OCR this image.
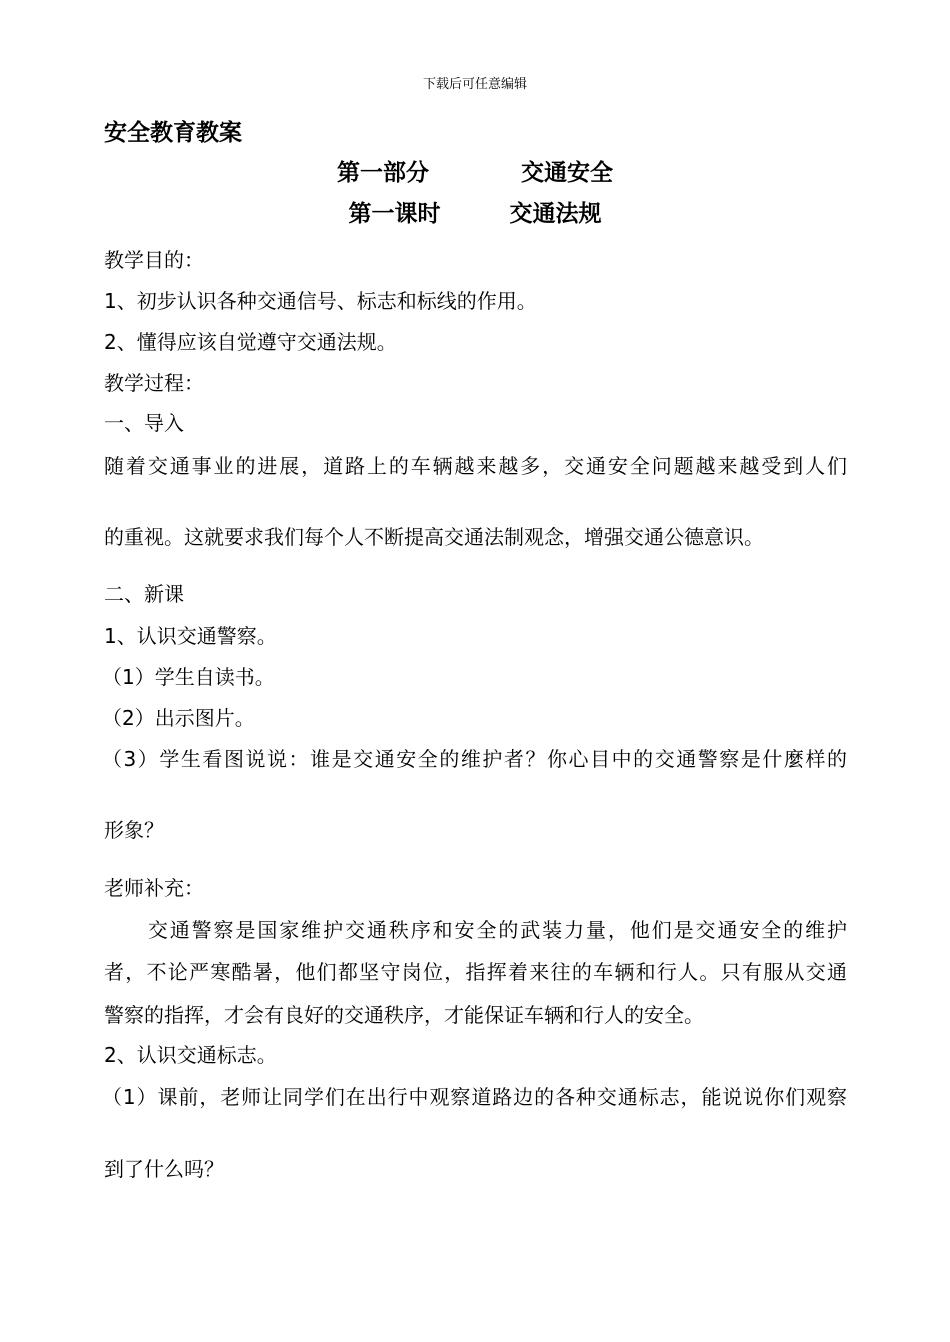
下载后可任意编辑
安全教育教案
第一部分　　　　交通安全
第一课时　　　交通法规
教学目的：
1、初步认识各种交通信号、标志和标线的作用。
2、懂得应该自觉遵守交通法规。
教学过程：
一、导入
随着交通事业的进展，道路上的车辆越来越多，交通安全问题越来越受到人们
的重视。这就要求我们每个人不断提高交通法制观念，增强交通公德意识。
二、新课
1、认识交通警察。
（1）学生自读书。
（2）出示图片。
（3）学生看图说说：谁是交通安全的维护者？你心目中的交通警察是什麼样的
形象？
老师补充：
　　交通警察是国家维护交通秩序和安全的武装力量，他们是交通安全的维护
者，不论严寒酷暑，他们都坚守岗位，指挥着来往的车辆和行人。只有服从交通
警察的指挥，才会有良好的交通秩序，才能保证车辆和行人的安全。
2、认识交通标志。
（1）课前，老师让同学们在出行中观察道路边的各种交通标志，能说说你们观察
到了什么吗？
